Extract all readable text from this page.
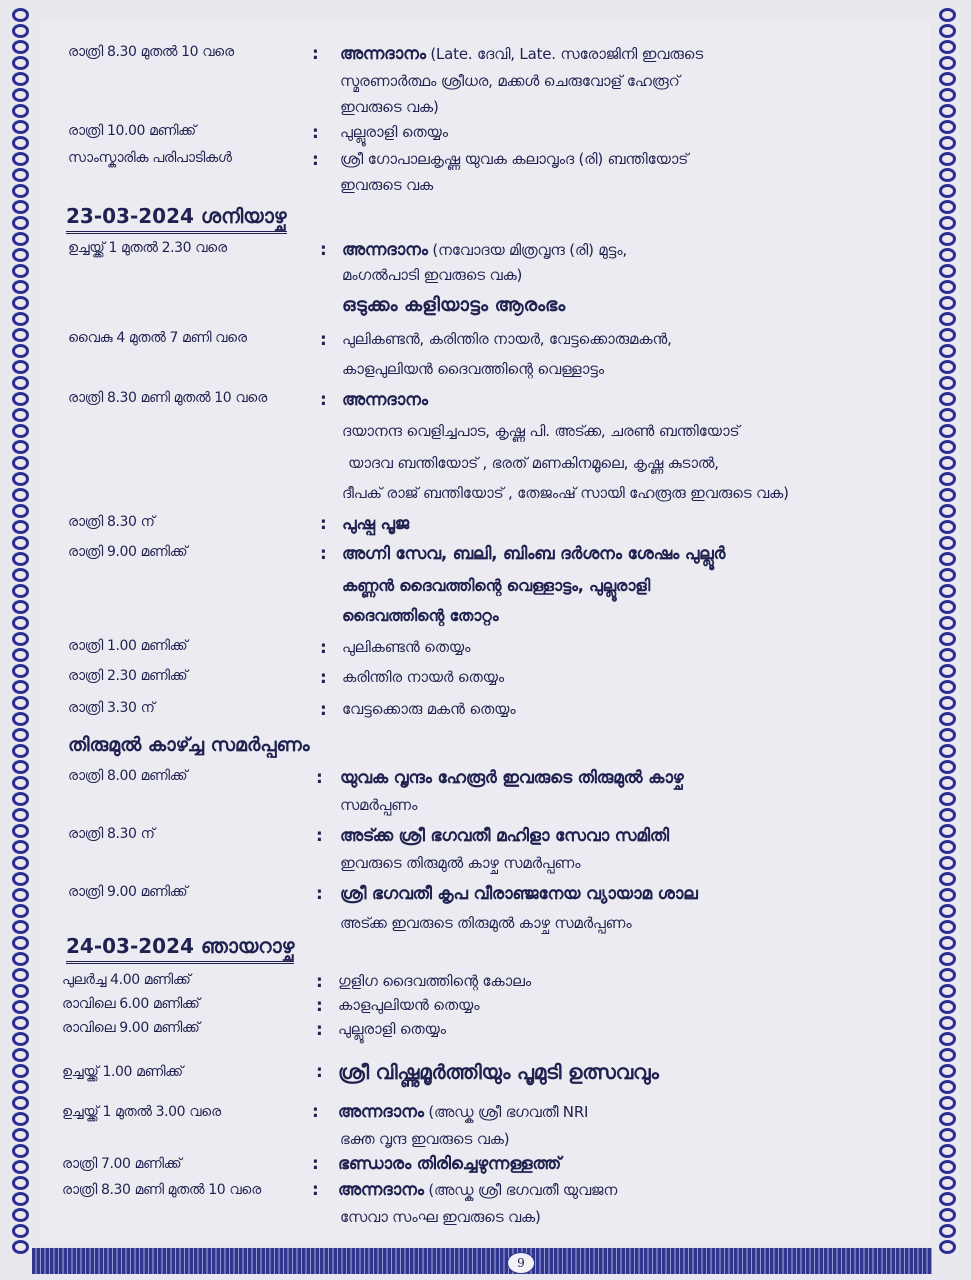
രാത്രി 8.30 മുതൽ 10 വരെ	: അന്നദാനം (Late. ദേവി, Late. സരോജിനി ഇവരുടെ
സ്മരണാർത്ഥം ശ്രീധര, മക്കൾ ചെരുവോള് ഹേരൂറ്
ഇവരുടെ വക)
രാത്രി 10.00 മണിക്ക്	: പുല്ലൂരാളി തെയ്യം
സാംസ്കാരിക പരിപാടികൾ	: ശ്രീ ഗോപാലകൃഷ്ണ യുവക കലാവൃംദ (രി) ബന്തിയോട്
ഇവരുടെ വക
23-03-2024 ശനിയാഴ്ച
ഉച്ചയ്ക്ക് 1 മുതൽ 2.30 വരെ	: അന്നദാനം (നവോദയ മിത്രവൃന്ദ (രി) മുട്ടം,
മംഗൽപാടി ഇവരുടെ വക)
ഒടുക്കം കളിയാട്ടം ആരംഭം
വൈകു 4 മുതൽ 7 മണി വരെ	: പുലികണ്ടൻ, കരിന്തിര നായർ, വേട്ടക്കൊരുമകൻ,
കാളപുലിയൻ ദൈവത്തിന്റെ വെള്ളാട്ടം
രാത്രി 8.30 മണി മുതൽ 10 വരെ	: അന്നദാനം
ദയാനന്ദ വെളിച്ചപാട, കൃഷ്ണ പി. അട്ക്ക, ചരൺ ബന്തിയോട്
യാദവ ബന്തിയോട് , ഭരത് മണകിനമൂലെ, കൃഷ്ണ കുടാൽ,
ദീപക് രാജ് ബന്തിയോട് , തേജംഷ് സായി ഹേരൂരു ഇവരുടെ വക)
രാത്രി 8.30 ന്	: പുഷ്പ പൂജ
രാത്രി 9.00 മണിക്ക്	: അഗ്നി സേവ, ബലി, ബിംബ ദർശനം ശേഷം പുല്ലൂർ
കണ്ണൻ ദൈവത്തിന്റെ വെള്ളാട്ടം, പുല്ലൂരാളി
ദൈവത്തിന്റെ തോറ്റം
രാത്രി 1.00 മണിക്ക്	: പുലികണ്ടൻ തെയ്യം
രാത്രി 2.30 മണിക്ക്	: കരിന്തിര നായർ തെയ്യം
രാത്രി 3.30 ന്	: വേട്ടക്കൊരു മകൻ തെയ്യം
തിരുമുൽ കാഴ്ച്ച സമർപ്പണം
രാത്രി 8.00 മണിക്ക്	: യുവക വൃന്ദം ഹേരൂർ ഇവരുടെ തിരുമുൽ കാഴ്ച
സമർപ്പണം
രാത്രി 8.30 ന്	: അട്ക്ക ശ്രീ ഭഗവതീ മഹിളാ സേവാ സമിതി
ഇവരുടെ തിരുമുൽ കാഴ്ച സമർപ്പണം
രാത്രി 9.00 മണിക്ക്	: ശ്രീ ഭഗവതീ കൃപ വീരാഞ്ജനേയ വ്യായാമ ശാല
അട്ക്ക ഇവരുടെ തിരുമുൽ കാഴ്ച സമർപ്പണം
24-03-2024 ഞായറാഴ്ച
പുലർച്ച 4.00 മണിക്ക്	: ഗുളിഗ ദൈവത്തിന്റെ കോലം
രാവിലെ 6.00 മണിക്ക്	: കാളപുലിയൻ തെയ്യം
രാവിലെ 9.00 മണിക്ക്	: പുല്ലൂരാളി തെയ്യം
ഉച്ചയ്ക്ക് 1.00 മണിക്ക്	: ശ്രീ വിഷ്ണുമൂർത്തിയും പൂമുടി ഉത്സവവും
ഉച്ചയ്ക്ക് 1 മുതൽ 3.00 വരെ	: അന്നദാനം (അഡ്ക ശ്രീ ഭഗവതീ NRI
ഭക്ത വൃന്ദ ഇവരുടെ വക)
രാത്രി 7.00 മണിക്ക്	: ഭണ്ഡാരം തിരിച്ചെഴുന്നള്ളത്ത്
രാത്രി 8.30 മണി മുതൽ 10 വരെ	: അന്നദാനം (അഡ്ക ശ്രീ ഭഗവതീ യുവജന
സേവാ സംഘ ഇവരുടെ വക)
9
